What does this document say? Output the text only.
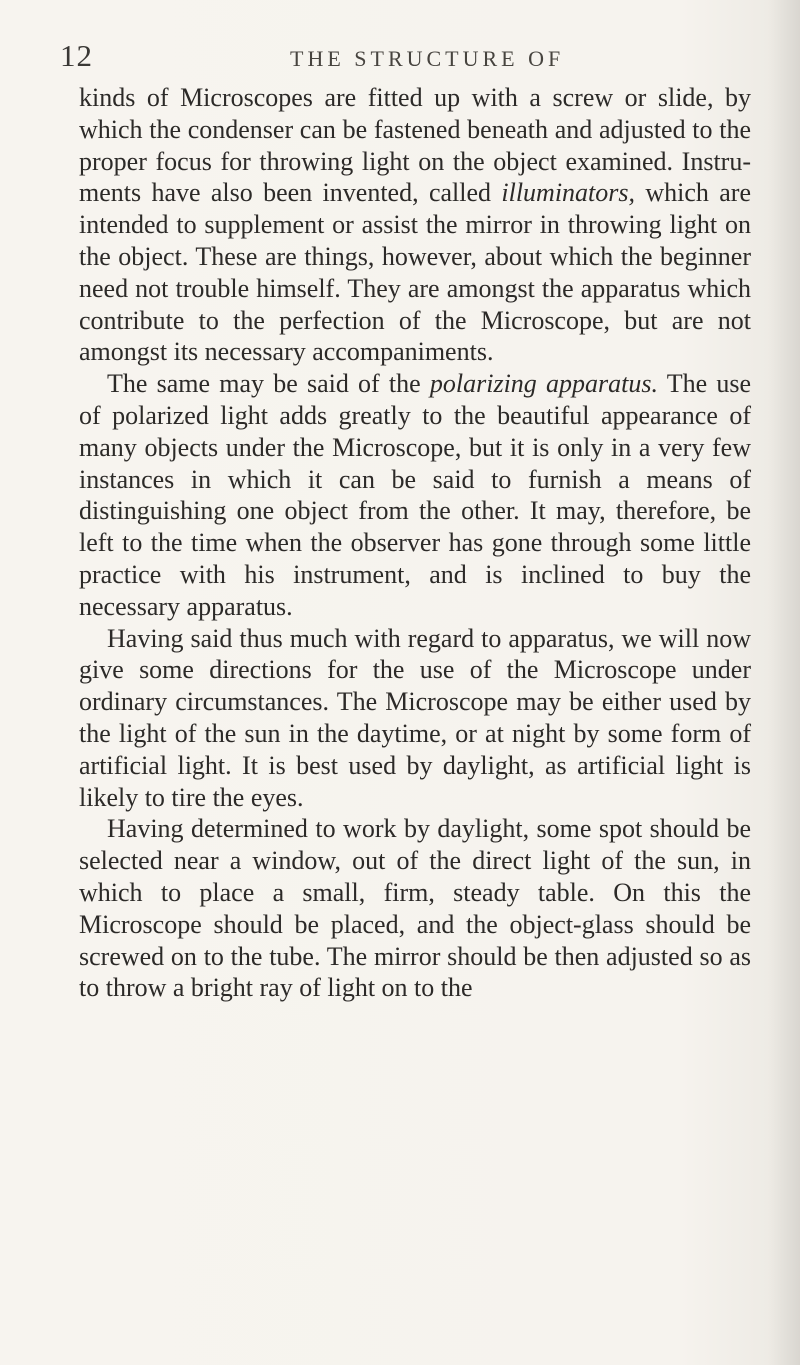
12	THE STRUCTURE OF

kinds of Microscopes are fitted up with a screw or slide, by which the condenser can be fastened beneath and adjusted to the proper focus for throwing light on the object examined. Instruments have also been invented, called illuminators, which are intended to supplement or assist the mirror in throwing light on the object. These are things, however, about which the beginner need not trouble himself. They are amongst the apparatus which contribute to the perfection of the Microscope, but are not amongst its necessary accompaniments.

The same may be said of the polarizing apparatus. The use of polarized light adds greatly to the beautiful appearance of many objects under the Microscope, but it is only in a very few instances in which it can be said to furnish a means of distinguishing one object from the other. It may, therefore, be left to the time when the observer has gone through some little practice with his instrument, and is inclined to buy the necessary apparatus.

Having said thus much with regard to apparatus, we will now give some directions for the use of the Microscope under ordinary circumstances. The Microscope may be either used by the light of the sun in the daytime, or at night by some form of artificial light. It is best used by daylight, as artificial light is likely to tire the eyes.

Having determined to work by daylight, some spot should be selected near a window, out of the direct light of the sun, in which to place a small, firm, steady table. On this the Microscope should be placed, and the object-glass should be screwed on to the tube. The mirror should be then adjusted so as to throw a bright ray of light on to the
